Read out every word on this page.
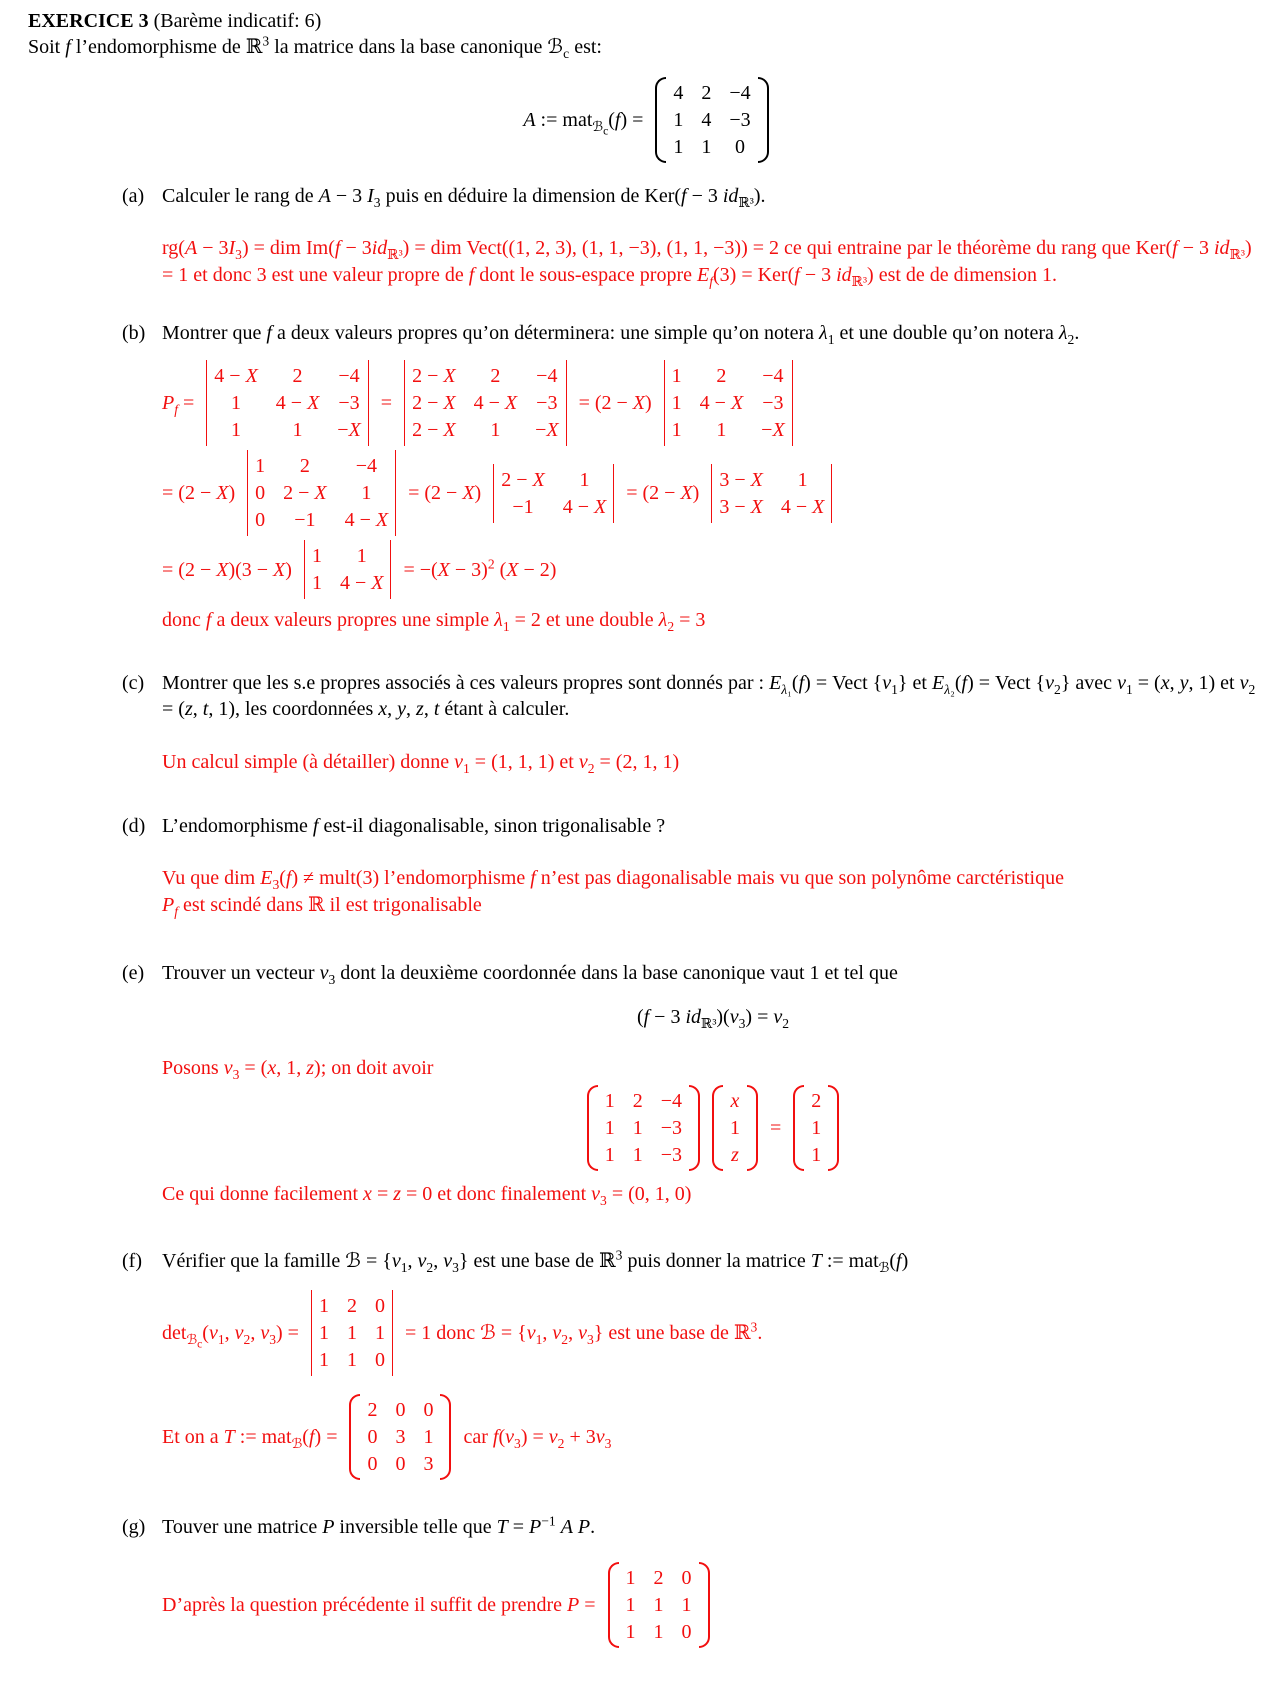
EXERCICE 3 (Barème indicatif: 6)

Soit f l’endomorphisme de ℝ$^3$ la matrice dans la base canonique ℬ$_c$ est:

A := mat$_{ℬ_c}$(f) =
4 2 −4
1 4 −3
1 1 0
(a) Calculer le rang de A − 3 $I_3$ puis en déduire la dimension de Ker(f − 3 $id_{ℝ^3}$).

$rg(A - 3I_3)$ = dim $Im(f - 3id_{ℝ^3})$ = dim Vect((1, 2, 3), (1, 1, −3), (1, 1, −3)) = 2 ce qui entraine par le théorème du rang que Ker(f − 3 $id_{ℝ^3}) = 1$ et donc 3 est une valeur propre de f dont le sous-espace propre $E_f(3) = Ker(f - 3$ $id_{ℝ^3}$) est de de dimension 1.

(b) Montrer que f a deux valeurs propres qu’on déterminera: une simple qu’on notera $\lambda_1$ et une double qu’on notera $\lambda_2$.

$P_f$ =
4 − X 2 −4
1 4 − X −3
1	1 −X
=
2 − X 2 −4
2 − X 4 − X −3
2 − X 1 −X
= (2 − X)
1 2 −4
1 4 − X −3
1 1 −X
= (2 − X)
1 2 −4
0 2 − X 1
0 −1 4 − X
= (2 − X)
2 − X 1
−1 4 − X
= (2 − X)
3 − X 1
3 − X 4 − X
= (2 − X)(3 − X)
1 1
1 4 − X
= $-(X - 3)^2$ (X − 2)

donc f a deux valeurs propres une simple $\lambda_1 = 2$ et une double $\lambda_2 = 3$

(c) Montrer que les s.e propres associés à ces valeurs propres sont donnés par : $E_{\lambda_1}(f)$ = Vect $\{v_1\}$ et $E_{\lambda_2}(f)$ = Vect $\{v_2\}$ avec $v_1 = (x$, y, 1) et $v_2 = (z$, t, 1), les coordonnées x, y, z, t étant à calculer.

Un calcul simple (à détailler) donne $v_1 = (1$, 1, 1) et $v_2 = (2$, 1, 1)

(d) L’endomorphisme f est-il diagonalisable, sinon trigonalisable ?

Vu que dim $E_3(f)$ ≠ mult(3) l’endomorphisme f n’est pas diagonalisable mais vu que son polynôme carctéristique

$P_f$ est scindé dans ℝ il est trigonalisable

(e) Trouver un vecteur $v_3$ dont la deuxième coordonnée dans la base canonique vaut 1 et tel que

(f − 3 $id_{ℝ^3})(v_3) = v_2$

Posons $v_3 = (x$, 1, z); on doit avoir

1 2 −4
1 1 −3
1 1 −3
x
1
z
=
2
1
1

Ce qui donne facilement x = z = 0 et donc finalement $v_3 = (0$, 1, 0)

(f)	Vérifier que la famille ℬ = {$v_1$, $v_2$, $v_3$} est une base de ℝ$^3$ puis donner la matrice T := mat$_ℬ$(f)

$\det_{ℬ_c}(v_1$, $v_2$, $v_3$) =
1 2 0
1 1 1
1 1 0
= 1 donc ℬ = {$v_1$, $v_2$, $v_3$} est une base de ℝ$^3$.
Et on a T := mat$_ℬ$(f) =
2 0 0
0 3 1
0 0 3
car $f(v_3) = v_2 + 3v_3$
(g) Touver une matrice P inversible telle que $T = P^{-1}$ A P.

D’après la question précédente il suffit de prendre P =
1 2 0
1 1 1
1 1 0
